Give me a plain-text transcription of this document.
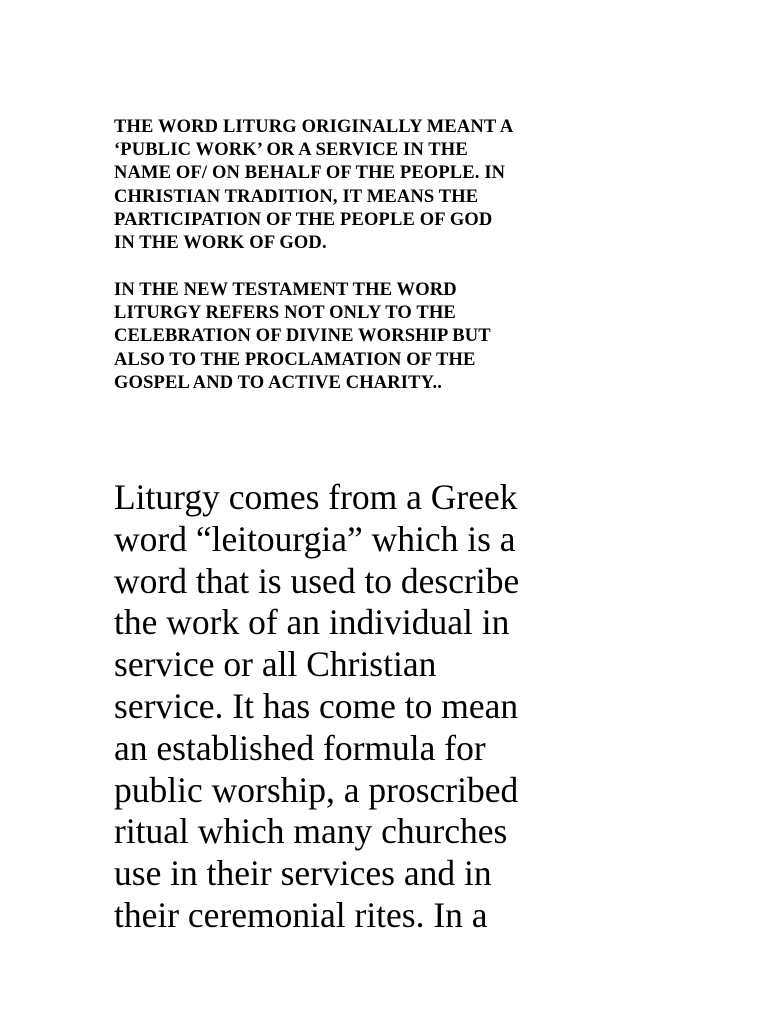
THE WORD LITURG ORIGINALLY MEANT A
‘PUBLIC WORK’ OR A SERVICE IN THE
NAME OF/ ON BEHALF OF THE PEOPLE. IN
CHRISTIAN TRADITION, IT MEANS THE
PARTICIPATION OF THE PEOPLE OF GOD
IN THE WORK OF GOD.
IN THE NEW TESTAMENT THE WORD
LITURGY REFERS NOT ONLY TO THE
CELEBRATION OF DIVINE WORSHIP BUT
ALSO TO THE PROCLAMATION OF THE
GOSPEL AND TO ACTIVE CHARITY..
Liturgy comes from a Greek
word “leitourgia” which is a
word that is used to describe
the work of an individual in
service or all Christian
service. It has come to mean
an established formula for
public worship, a proscribed
ritual which many churches
use in their services and in
their ceremonial rites. In a
